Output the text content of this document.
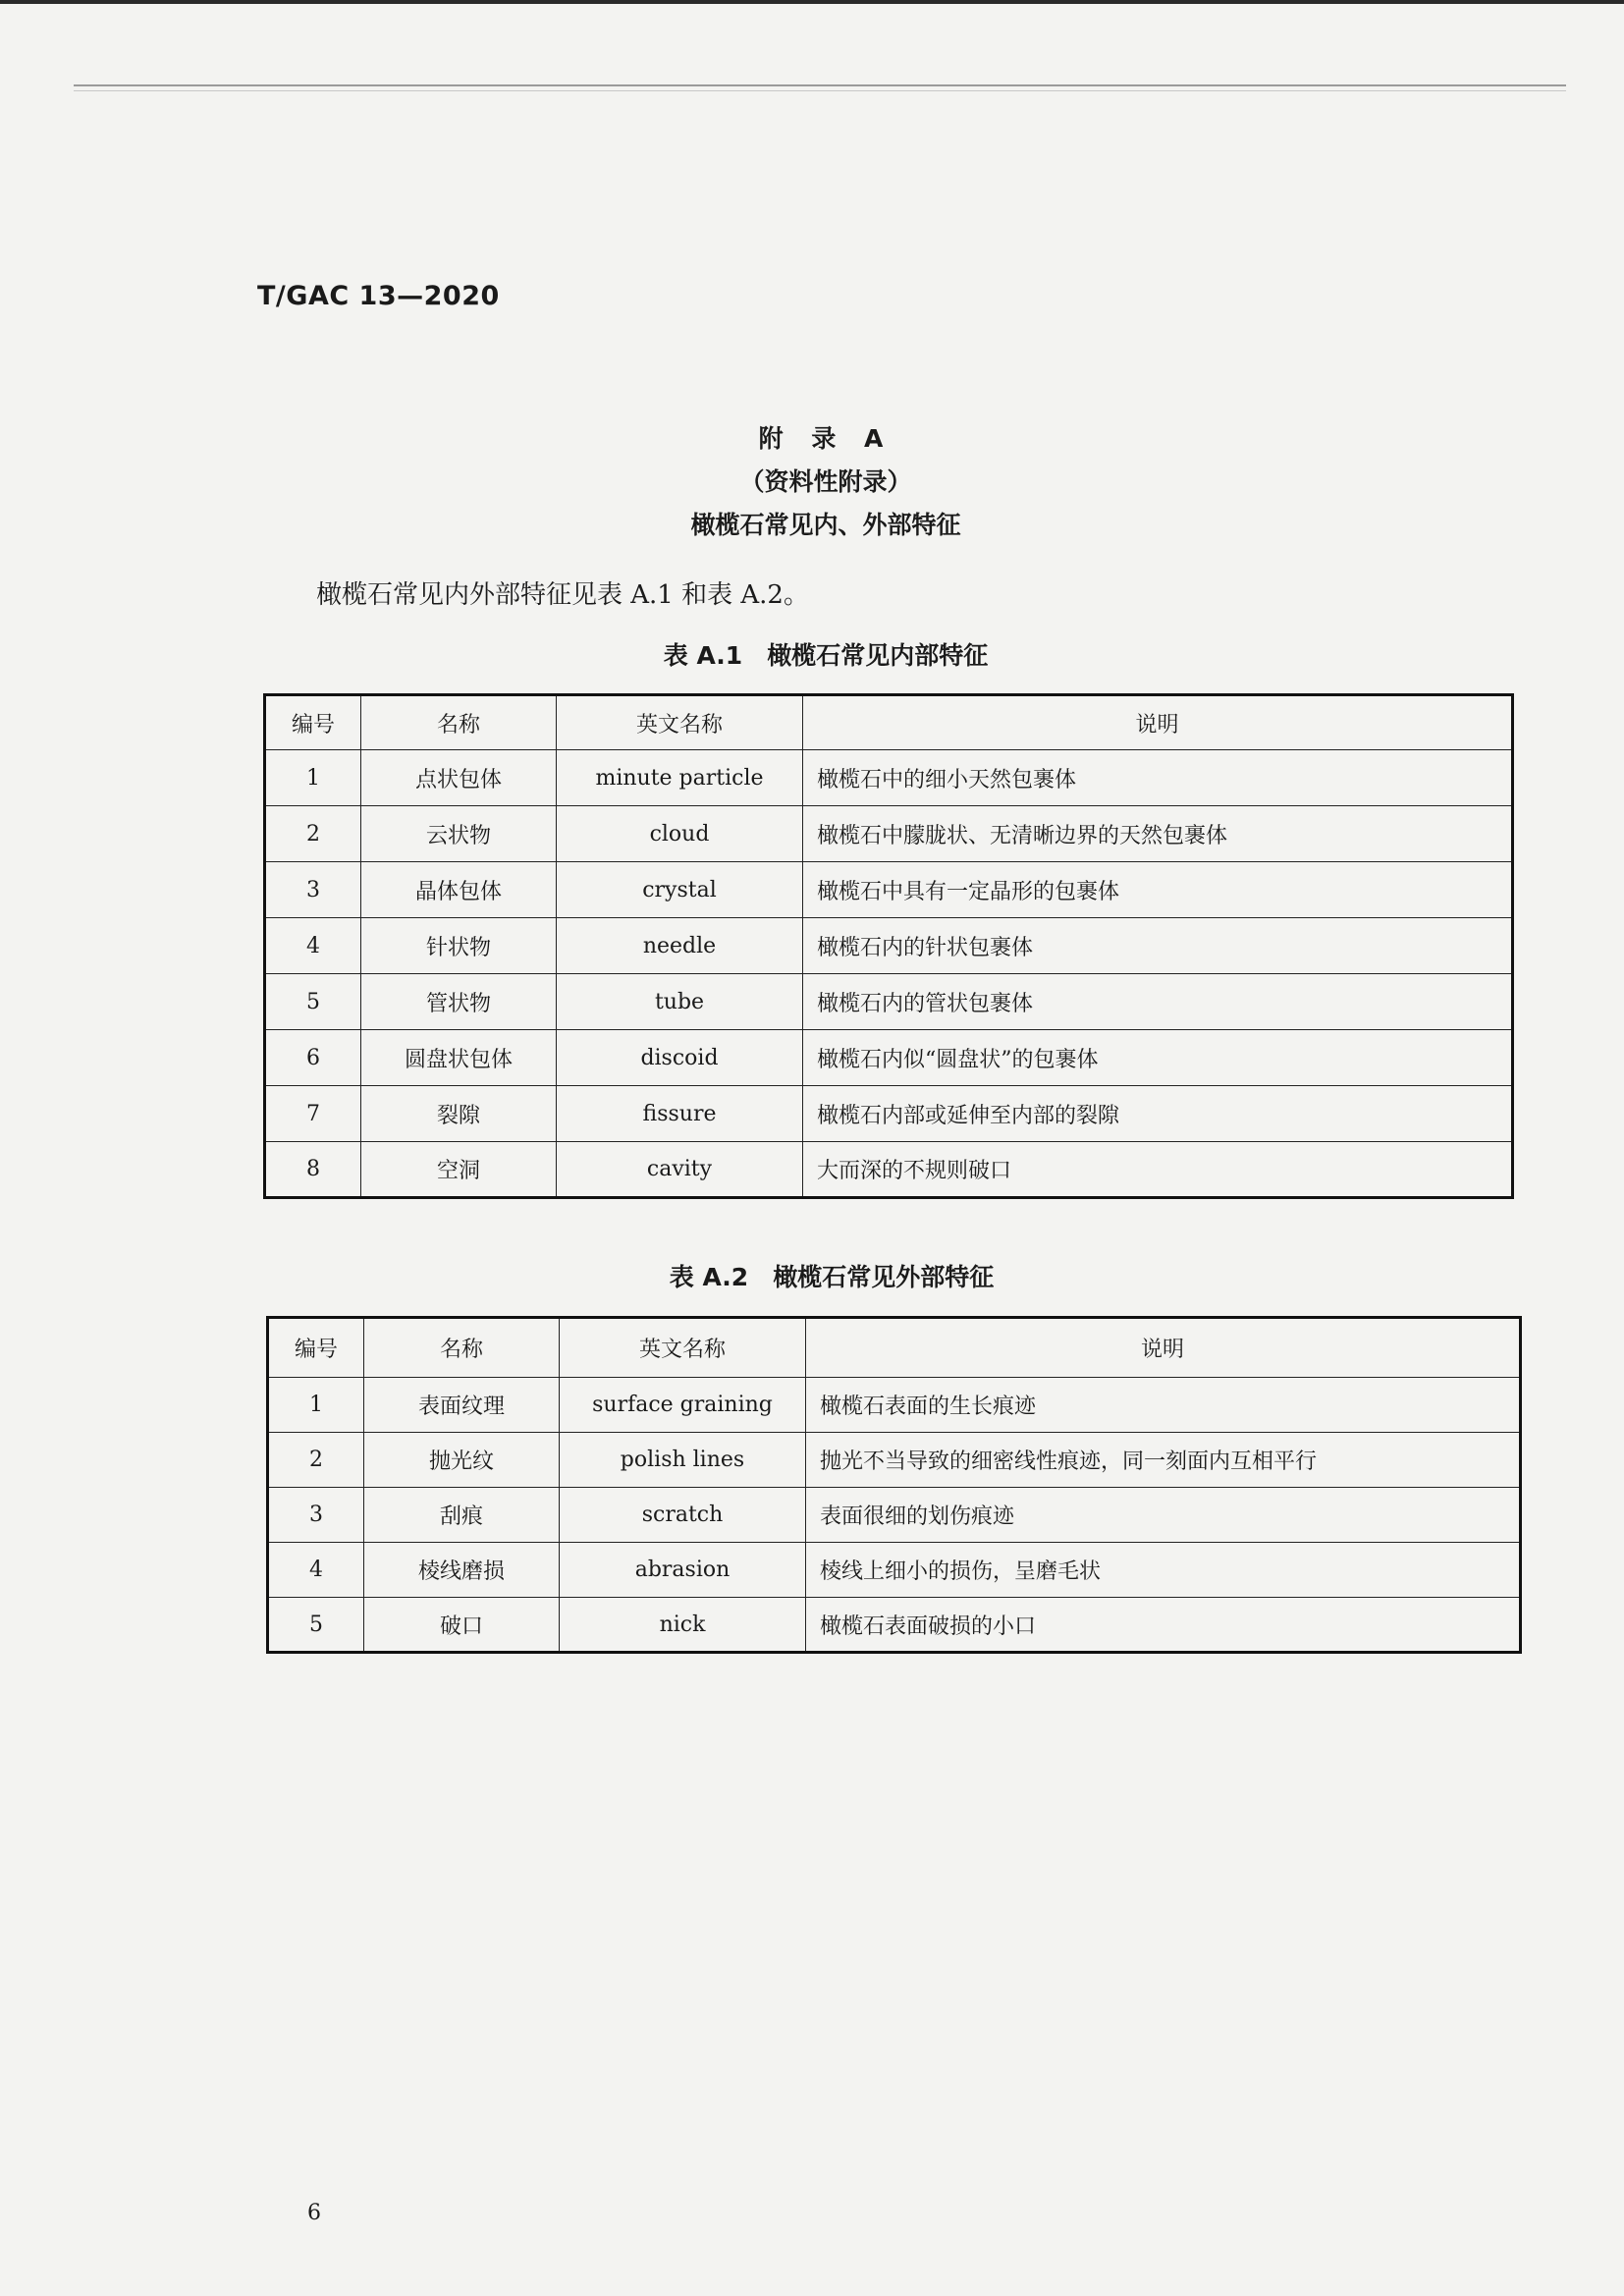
T/GAC 13—2020
附 录 A
（资料性附录）
橄榄石常见内、外部特征
橄榄石常见内外部特征见表 A.1 和表 A.2。
表 A.1　橄榄石常见内部特征
编号	名称	英文名称	说明
1	点状包体	minute particle	橄榄石中的细小天然包裹体
2	云状物	cloud	橄榄石中朦胧状、无清晰边界的天然包裹体
3	晶体包体	crystal	橄榄石中具有一定晶形的包裹体
4	针状物	needle	橄榄石内的针状包裹体
5	管状物	tube	橄榄石内的管状包裹体
6	圆盘状包体	discoid	橄榄石内似“圆盘状”的包裹体
7	裂隙	fissure	橄榄石内部或延伸至内部的裂隙
8	空洞	cavity	大而深的不规则破口
表 A.2　橄榄石常见外部特征
编号	名称	英文名称	说明
1	表面纹理	surface graining	橄榄石表面的生长痕迹
2	抛光纹	polish lines	抛光不当导致的细密线性痕迹，同一刻面内互相平行
3	刮痕	scratch	表面很细的划伤痕迹
4	棱线磨损	abrasion	棱线上细小的损伤，呈磨毛状
5	破口	nick	橄榄石表面破损的小口
6
